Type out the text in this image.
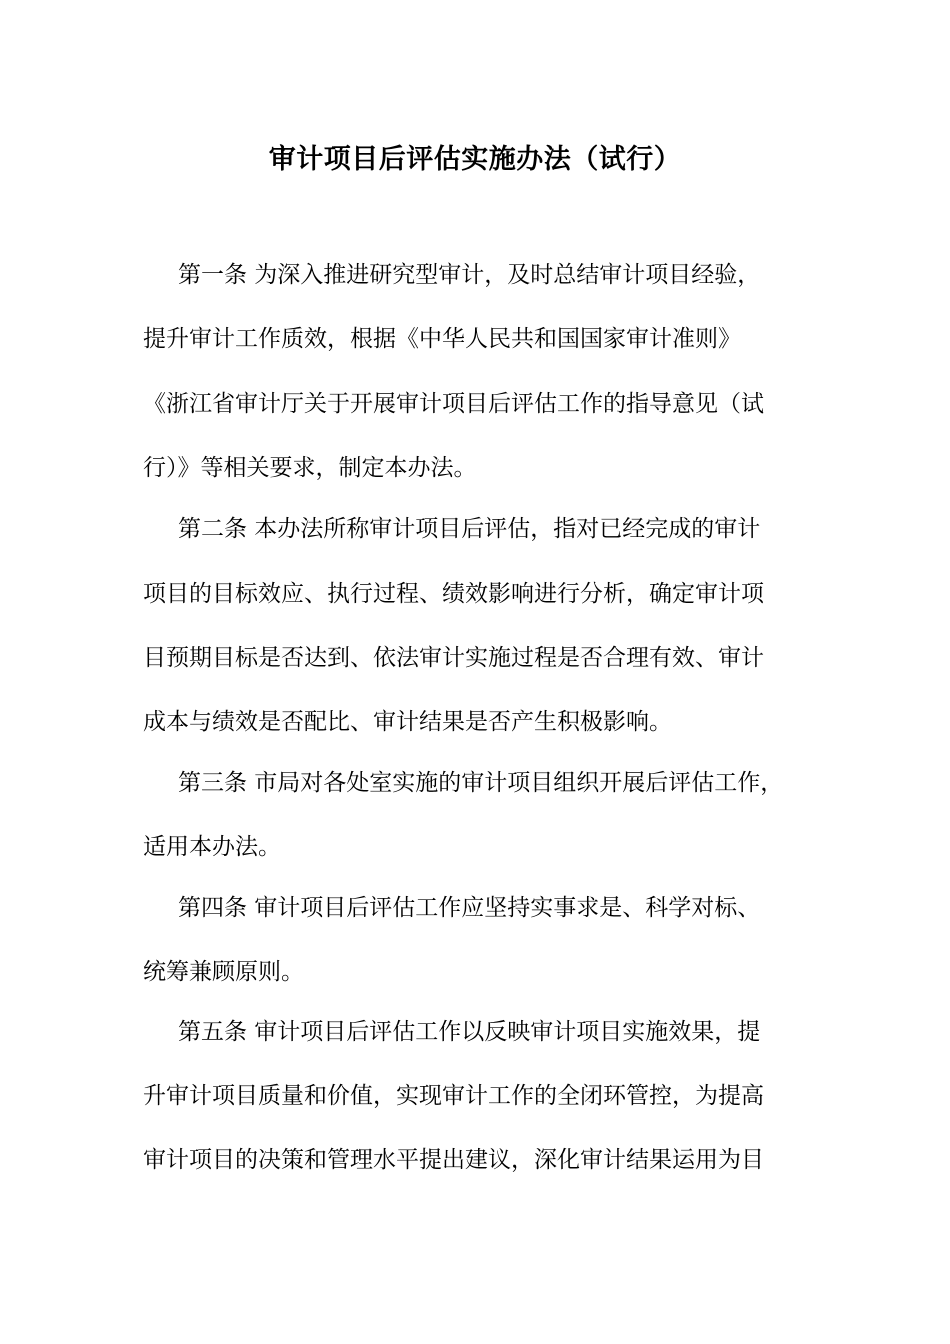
审计项目后评估实施办法（试行）
第一条 为深入推进研究型审计，及时总结审计项目经验，
提升审计工作质效，根据《中华人民共和国国家审计准则》
《浙江省审计厅关于开展审计项目后评估工作的指导意见（试
行）》等相关要求，制定本办法。
第二条 本办法所称审计项目后评估，指对已经完成的审计
项目的目标效应、执行过程、绩效影响进行分析，确定审计项
目预期目标是否达到、依法审计实施过程是否合理有效、审计
成本与绩效是否配比、审计结果是否产生积极影响。
第三条 市局对各处室实施的审计项目组织开展后评估工作，
适用本办法。
第四条 审计项目后评估工作应坚持实事求是、科学对标、
统筹兼顾原则。
第五条 审计项目后评估工作以反映审计项目实施效果，提
升审计项目质量和价值，实现审计工作的全闭环管控，为提高
审计项目的决策和管理水平提出建议，深化审计结果运用为目
